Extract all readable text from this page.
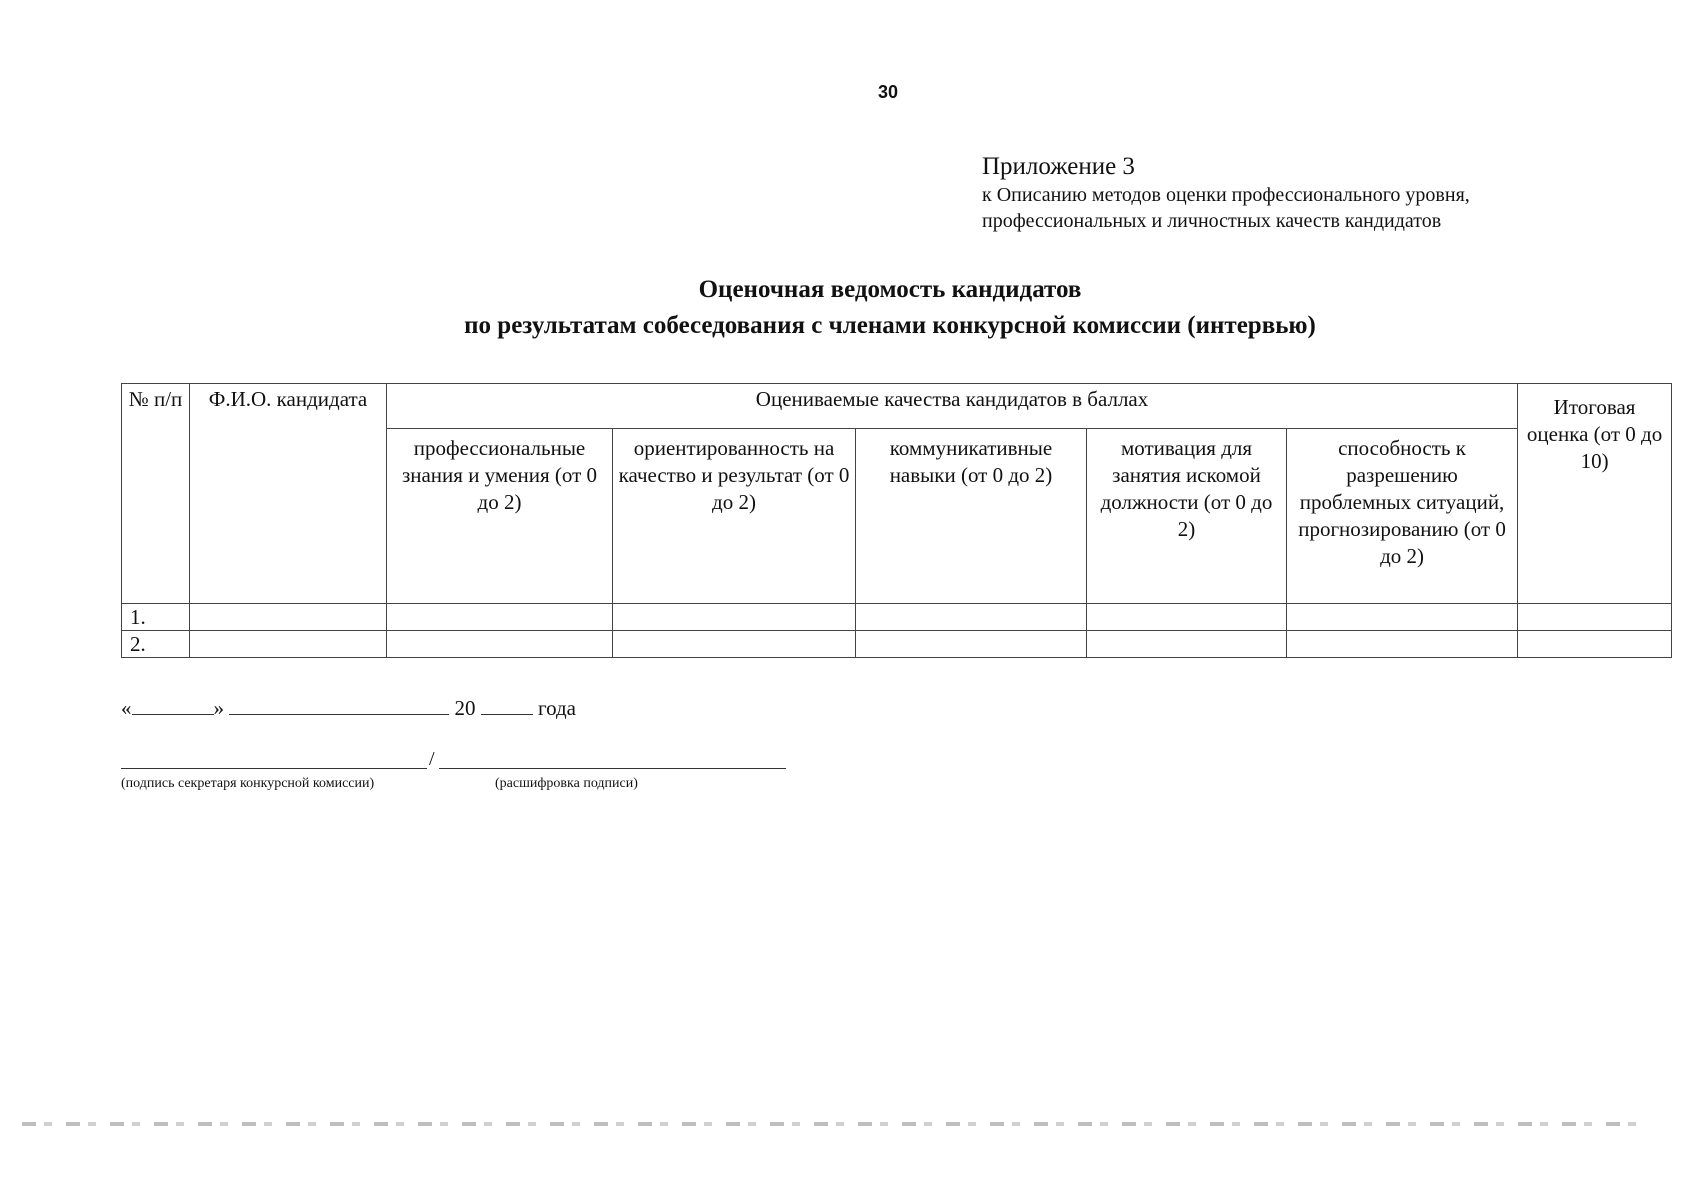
30
Приложение 3
к Описанию методов оценки профессионального уровня,
профессиональных и личностных качеств кандидатов
Оценочная ведомость кандидатов
по результатам собеседования с членами конкурсной комиссии (интервью)
№ п/п	Ф.И.О. кандидата	Оцениваемые качества кандидатов в баллах					Итоговая оценка (от 0 до 10)
		профессиональные знания и умения (от 0 до 2)	ориентированность на качество и результат (от 0 до 2)	коммуникативные навыки (от 0 до 2)	мотивация для занятия искомой должности (от 0 до 2)	способность к разрешению проблемных ситуаций, прогнозированию (от 0 до 2)	
1.							
2.							
«	»	20	года
/
(подпись секретаря конкурсной комиссии)	(расшифровка подписи)
